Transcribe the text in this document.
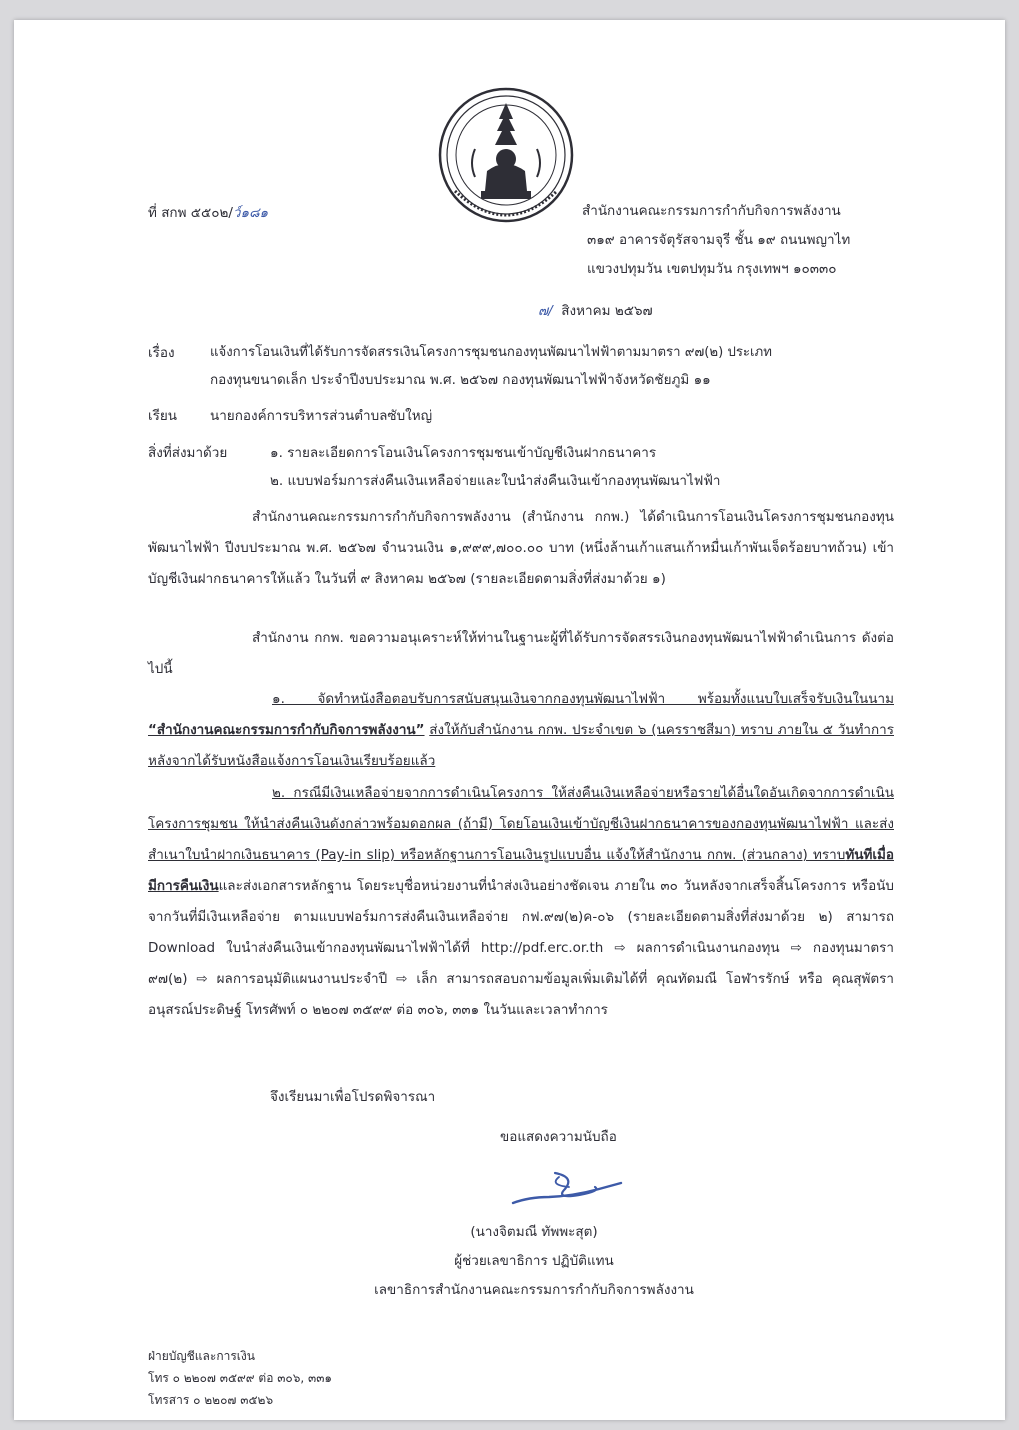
ที่ สกพ ๕๕๐๒/ว์๑๘๑	สำนักงานคณะกรรมการกำกับกิจการพลังงาน
๓๑๙ อาคารจัตุรัสจามจุรี ชั้น ๑๙ ถนนพญาไท
แขวงปทุมวัน เขตปทุมวัน กรุงเทพฯ ๑๐๓๓๐
๗/ สิงหาคม ๒๕๖๗
เรื่อง	แจ้งการโอนเงินที่ได้รับการจัดสรรเงินโครงการชุมชนกองทุนพัฒนาไฟฟ้าตามมาตรา ๙๗(๒) ประเภท
กองทุนขนาดเล็ก ประจำปีงบประมาณ พ.ศ. ๒๕๖๗ กองทุนพัฒนาไฟฟ้าจังหวัดชัยภูมิ ๑๑
เรียน นายกองค์การบริหารส่วนตำบลซับใหญ่
สิ่งที่ส่งมาด้วย	๑. รายละเอียดการโอนเงินโครงการชุมชนเข้าบัญชีเงินฝากธนาคาร
๒. แบบฟอร์มการส่งคืนเงินเหลือจ่ายและใบนำส่งคืนเงินเข้ากองทุนพัฒนาไฟฟ้า
สำนักงานคณะกรรมการกำกับกิจการพลังงาน (สำนักงาน กกพ.) ได้ดำเนินการโอนเงินโครงการชุมชนกองทุนพัฒนาไฟฟ้า ปีงบประมาณ พ.ศ. ๒๕๖๗ จำนวนเงิน ๑,๙๙๙,๗๐๐.๐๐ บาท (หนึ่งล้านเก้าแสนเก้าหมื่นเก้าพันเจ็ดร้อยบาทถ้วน) เข้าบัญชีเงินฝากธนาคารให้แล้ว ในวันที่ ๙ สิงหาคม ๒๕๖๗ (รายละเอียดตามสิ่งที่ส่งมาด้วย ๑)
สำนักงาน กกพ. ขอความอนุเคราะห์ให้ท่านในฐานะผู้ที่ได้รับการจัดสรรเงินกองทุนพัฒนาไฟฟ้าดำเนินการ ดังต่อไปนี้
๑. จัดทำหนังสือตอบรับการสนับสนุนเงินจากกองทุนพัฒนาไฟฟ้า พร้อมทั้งแนบใบเสร็จรับเงินในนาม “สำนักงานคณะกรรมการกำกับกิจการพลังงาน” ส่งให้กับสำนักงาน กกพ. ประจำเขต ๖ (นครราชสีมา) ทราบ ภายใน ๕ วันทำการ หลังจากได้รับหนังสือแจ้งการโอนเงินเรียบร้อยแล้ว
๒. กรณีมีเงินเหลือจ่ายจากการดำเนินโครงการ ให้ส่งคืนเงินเหลือจ่ายหรือรายได้อื่นใดอันเกิดจากการดำเนินโครงการชุมชน ให้นำส่งคืนเงินดังกล่าวพร้อมดอกผล (ถ้ามี) โดยโอนเงินเข้าบัญชีเงินฝากธนาคารของกองทุนพัฒนาไฟฟ้า และส่งสำเนาใบนำฝากเงินธนาคาร (Pay-in slip) หรือหลักฐานการโอนเงินรูปแบบอื่น แจ้งให้สำนักงาน กกพ. (ส่วนกลาง) ทราบทันทีเมื่อมีการคืนเงินและส่งเอกสารหลักฐาน โดยระบุชื่อหน่วยงานที่นำส่งเงินอย่างชัดเจน ภายใน ๓๐ วันหลังจากเสร็จสิ้นโครงการ หรือนับจากวันที่มีเงินเหลือจ่าย ตามแบบฟอร์มการส่งคืนเงินเหลือจ่าย กฟ.๙๗(๒)ค-๐๖ (รายละเอียดตามสิ่งที่ส่งมาด้วย ๒) สามารถ Download ใบนำส่งคืนเงินเข้ากองทุนพัฒนาไฟฟ้าได้ที่ http://pdf.erc.or.th ⇨ ผลการดำเนินงานกองทุน ⇨ กองทุนมาตรา ๙๗(๒) ⇨ ผลการอนุมัติแผนงานประจำปี ⇨ เล็ก สามารถสอบถามข้อมูลเพิ่มเติมได้ที่ คุณทัดมณี โอฬารรักษ์ หรือ คุณสุพัตรา อนุสรณ์ประดิษฐ์ โทรศัพท์ ๐ ๒๒๐๗ ๓๕๙๙ ต่อ ๓๐๖, ๓๓๑ ในวันและเวลาทำการ
จึงเรียนมาเพื่อโปรดพิจารณา
ขอแสดงความนับถือ
(นางจิตมณี ทัพพะสุต)
ผู้ช่วยเลขาธิการ ปฏิบัติแทน
เลขาธิการสำนักงานคณะกรรมการกำกับกิจการพลังงาน
ฝ่ายบัญชีและการเงิน
โทร ๐ ๒๒๐๗ ๓๕๙๙ ต่อ ๓๐๖, ๓๓๑
โทรสาร ๐ ๒๒๐๗ ๓๕๒๖
